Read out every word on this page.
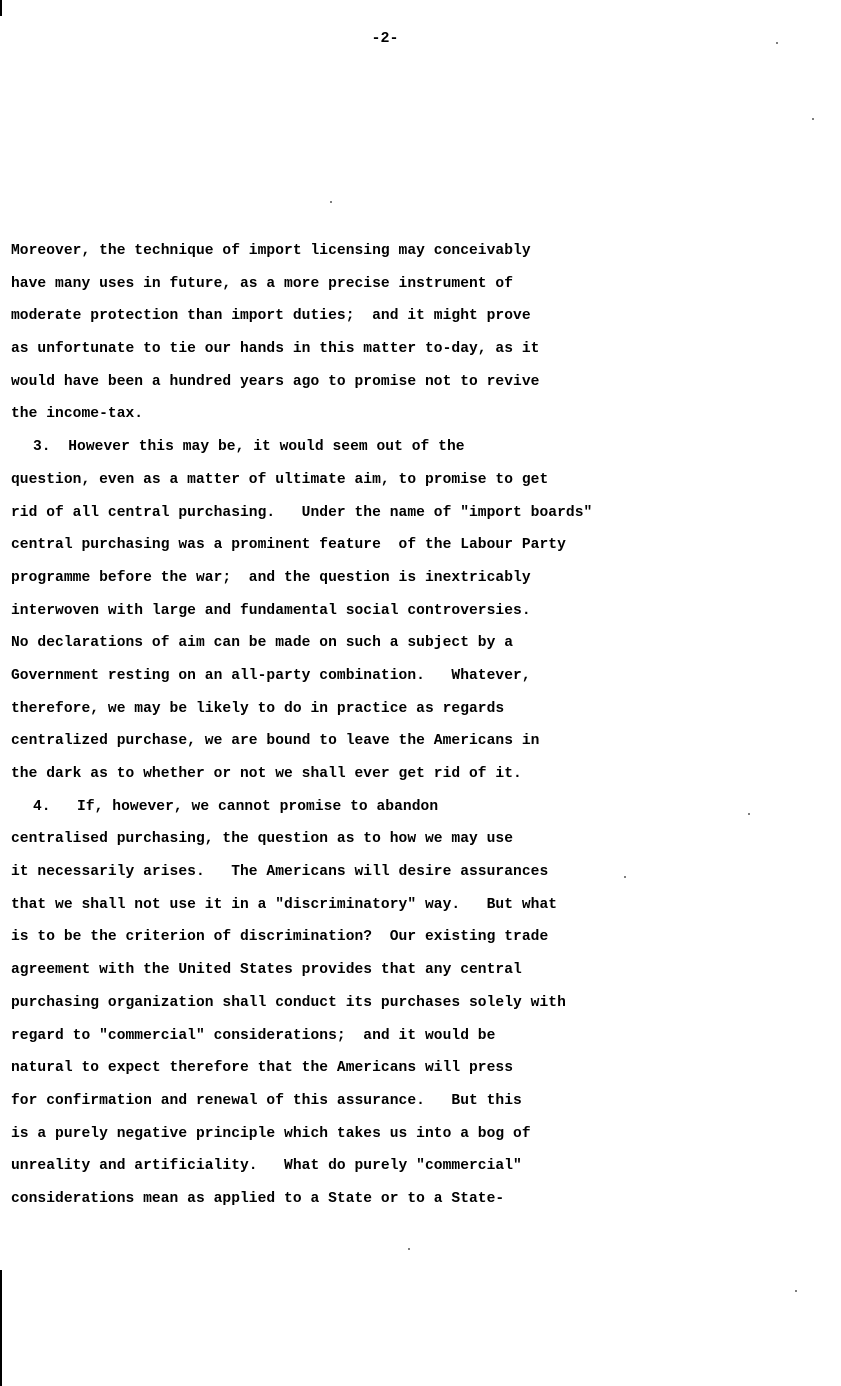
-2-
Moreover, the technique of import licensing may conceivably
have many uses in future, as a more precise instrument of
moderate protection than import duties;  and it might prove
as unfortunate to tie our hands in this matter to-day, as it
would have been a hundred years ago to promise not to revive
the income-tax.
3.  However this may be, it would seem out of the
question, even as a matter of ultimate aim, to promise to get
rid of all central purchasing.   Under the name of "import boards"
central purchasing was a prominent feature  of the Labour Party
programme before the war;  and the question is inextricably
interwoven with large and fundamental social controversies.
No declarations of aim can be made on such a subject by a
Government resting on an all-party combination.   Whatever,
therefore, we may be likely to do in practice as regards
centralized purchase, we are bound to leave the Americans in
the dark as to whether or not we shall ever get rid of it.
4.   If, however, we cannot promise to abandon
centralised purchasing, the question as to how we may use
it necessarily arises.   The Americans will desire assurances
that we shall not use it in a "discriminatory" way.   But what
is to be the criterion of discrimination?  Our existing trade
agreement with the United States provides that any central
purchasing organization shall conduct its purchases solely with
regard to "commercial" considerations;  and it would be
natural to expect therefore that the Americans will press
for confirmation and renewal of this assurance.   But this
is a purely negative principle which takes us into a bog of
unreality and artificiality.   What do purely "commercial"
considerations mean as applied to a State or to a State-
